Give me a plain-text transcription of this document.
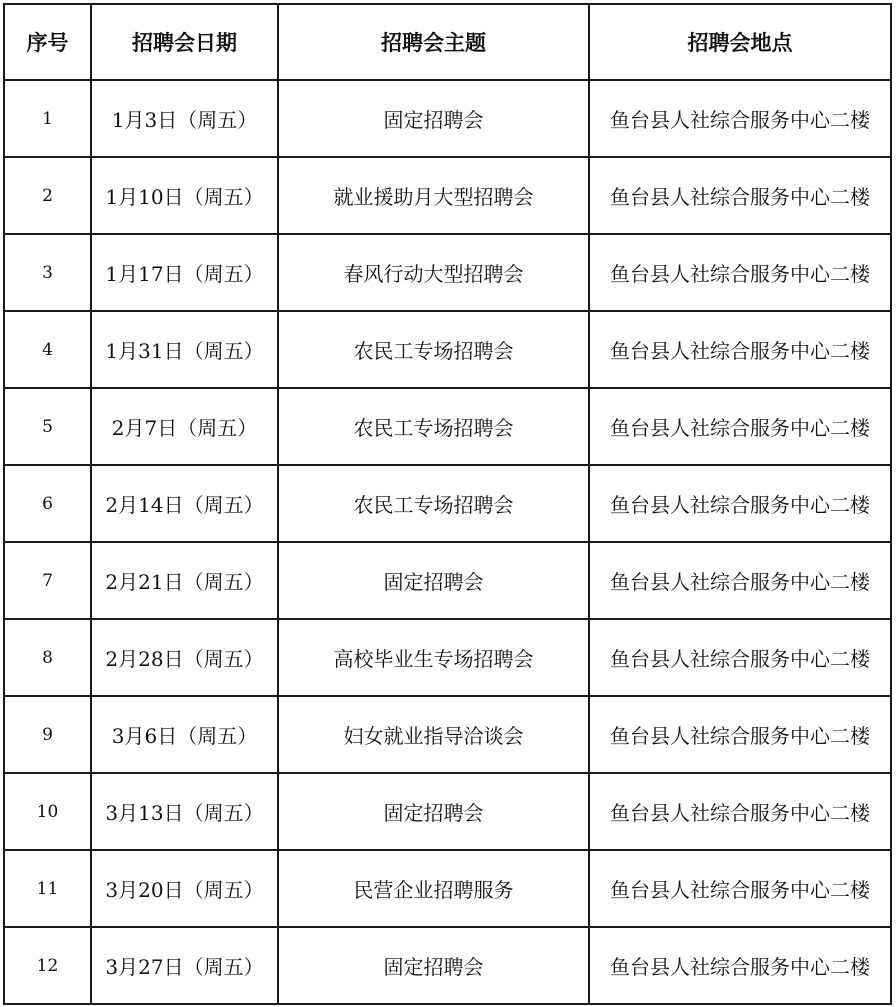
序号	招聘会日期	招聘会主题	招聘会地点
1	1月3日（周五）	固定招聘会	鱼台县人社综合服务中心二楼
2	1月10日（周五）	就业援助月大型招聘会	鱼台县人社综合服务中心二楼
3	1月17日（周五）	春风行动大型招聘会	鱼台县人社综合服务中心二楼
4	1月31日（周五）	农民工专场招聘会	鱼台县人社综合服务中心二楼
5	2月7日（周五）	农民工专场招聘会	鱼台县人社综合服务中心二楼
6	2月14日（周五）	农民工专场招聘会	鱼台县人社综合服务中心二楼
7	2月21日（周五）	固定招聘会	鱼台县人社综合服务中心二楼
8	2月28日（周五）	高校毕业生专场招聘会	鱼台县人社综合服务中心二楼
9	3月6日（周五）	妇女就业指导洽谈会	鱼台县人社综合服务中心二楼
10	3月13日（周五）	固定招聘会	鱼台县人社综合服务中心二楼
11	3月20日（周五）	民营企业招聘服务	鱼台县人社综合服务中心二楼
12	3月27日（周五）	固定招聘会	鱼台县人社综合服务中心二楼
